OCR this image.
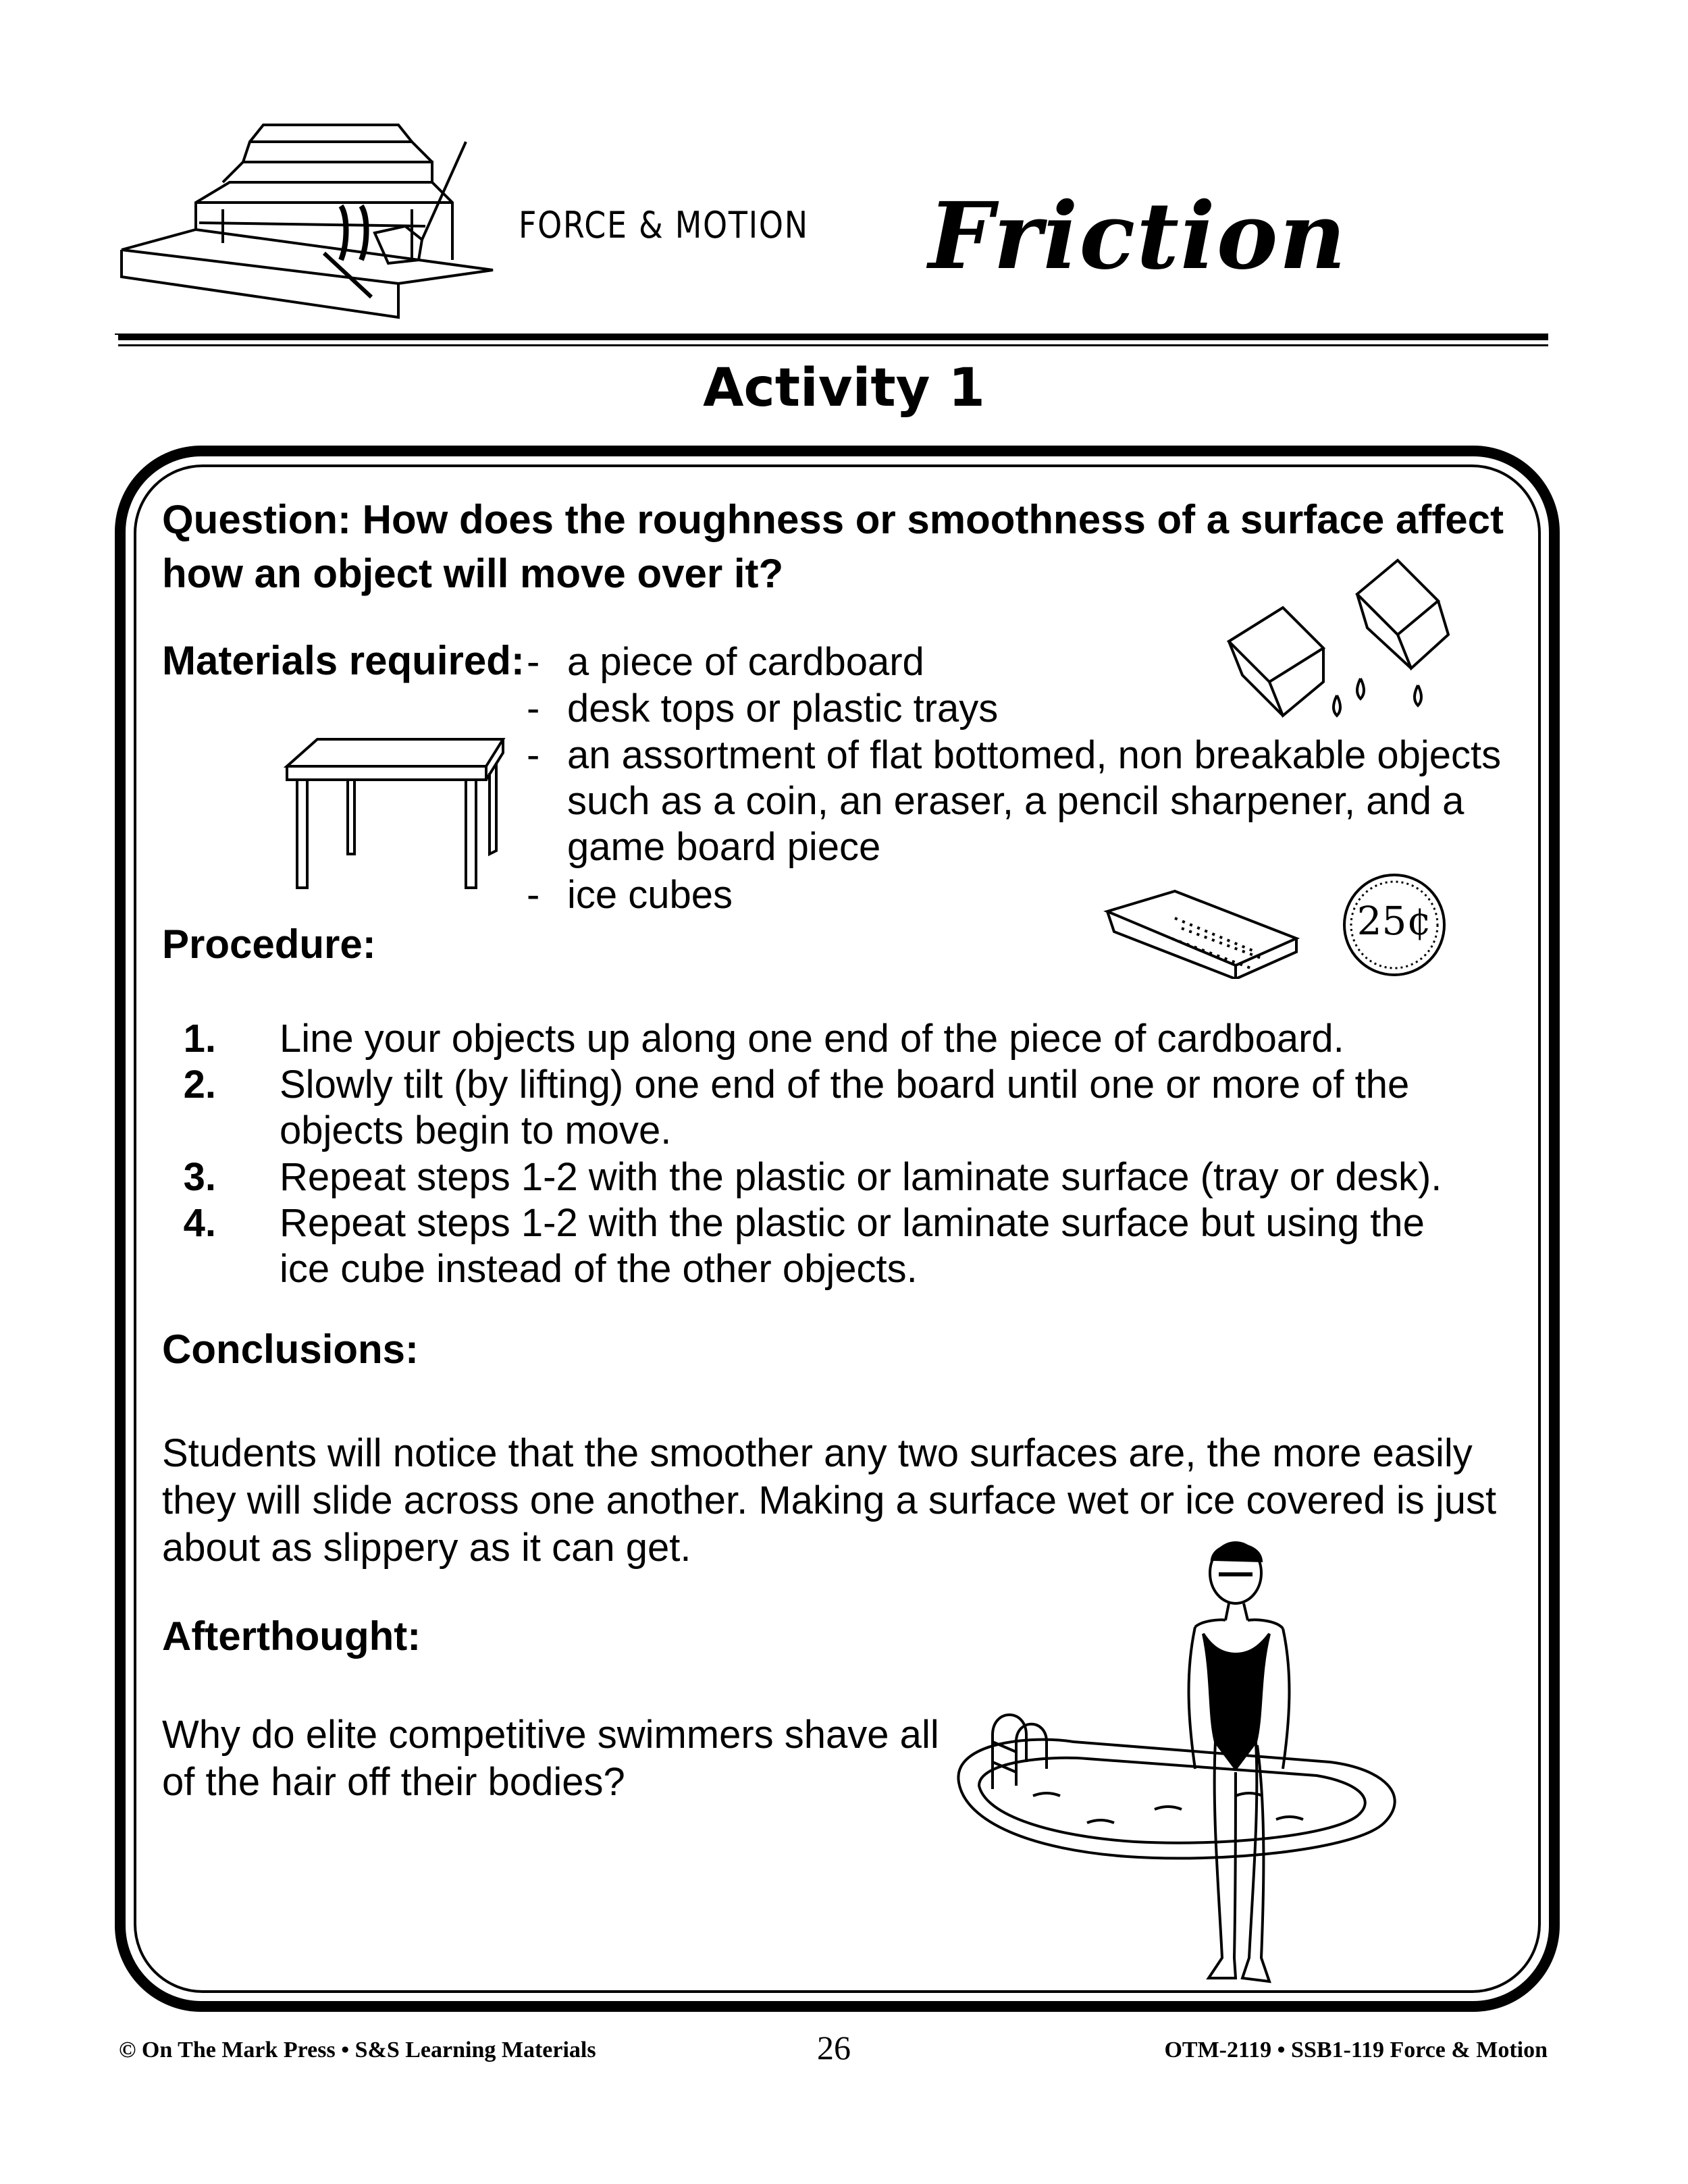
FORCE & MOTION Friction
Activity 1
Question: How does the roughness or smoothness of a surface affect how an object will move over it?
Materials required: - a piece of cardboard
- desk tops or plastic trays
- an assortment of flat bottomed, non breakable objects such as a coin, an eraser, a pencil sharpener, and a game board piece
- ice cubes
25¢
Procedure:
1. Line your objects up along one end of the piece of cardboard.
2. Slowly tilt (by lifting) one end of the board until one or more of the objects begin to move.
3. Repeat steps 1-2 with the plastic or laminate surface (tray or desk).
4. Repeat steps 1-2 with the plastic or laminate surface but using the ice cube instead of the other objects.
Conclusions:
Students will notice that the smoother any two surfaces are, the more easily they will slide across one another. Making a surface wet or ice covered is just about as slippery as it can get.
Afterthought:
Why do elite competitive swimmers shave all of the hair off their bodies?
© On The Mark Press • S&S Learning Materials	26	OTM-2119 • SSB1-119 Force & Motion
